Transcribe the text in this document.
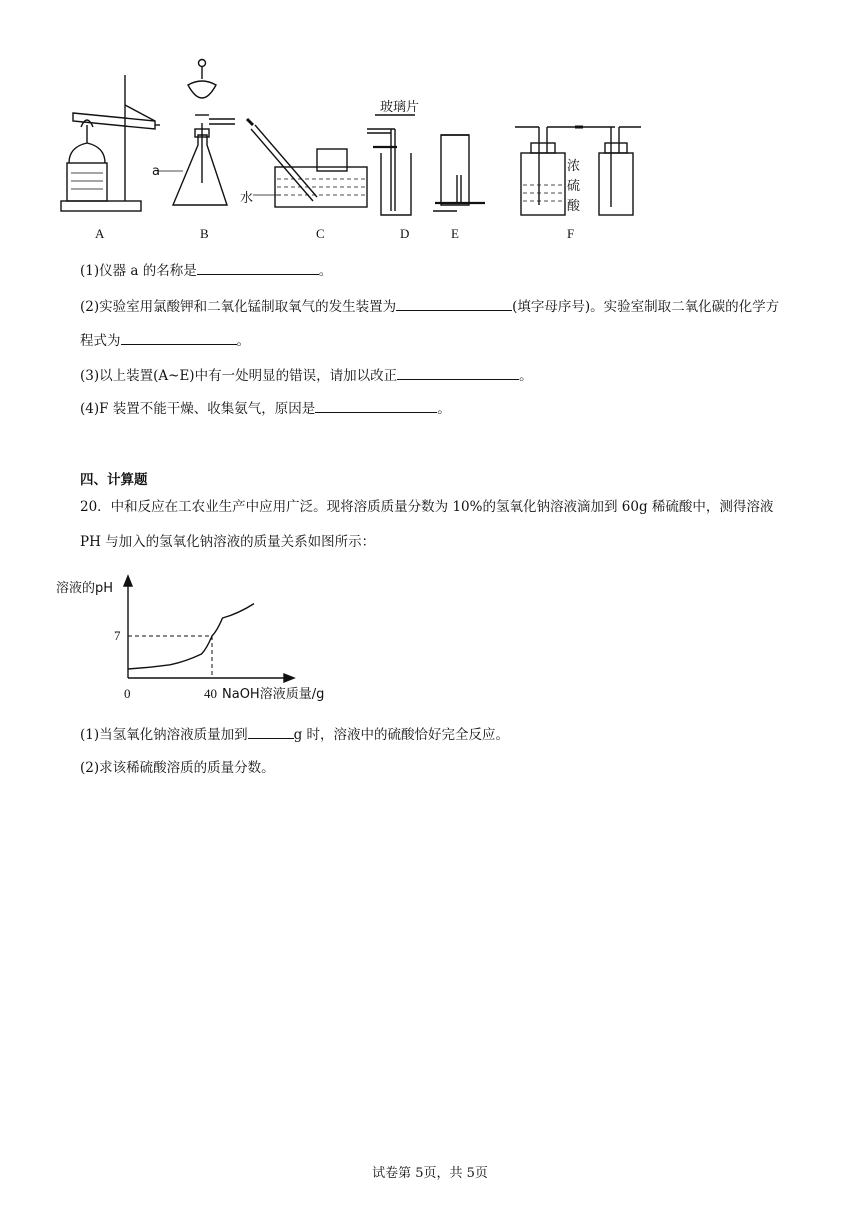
A	B	C	D	E	F
a
水
玻璃片
浓
硫
酸
(1)仪器 a 的名称是	。
(2)实验室用氯酸钾和二氧化锰制取氧气的发生装置为	(填字母序号)。实验室制取二氧化碳的化学方
程式为	。
(3)以上装置(A~E)中有一处明显的错误，请加以改正	。
(4)F 装置不能干燥、收集氨气，原因是	。
四、计算题
20．中和反应在工农业生产中应用广泛。现将溶质质量分数为 10%的氢氧化钠溶液滴加到 60g 稀硫酸中，测得溶液
PH 与加入的氢氧化钠溶液的质量关系如图所示：
溶液的pH
7
0	40 NaOH溶液质量/g
(1)当氢氧化钠溶液质量加到	g 时，溶液中的硫酸恰好完全反应。
(2)求该稀硫酸溶质的质量分数。
试卷第 5页，共 5页
